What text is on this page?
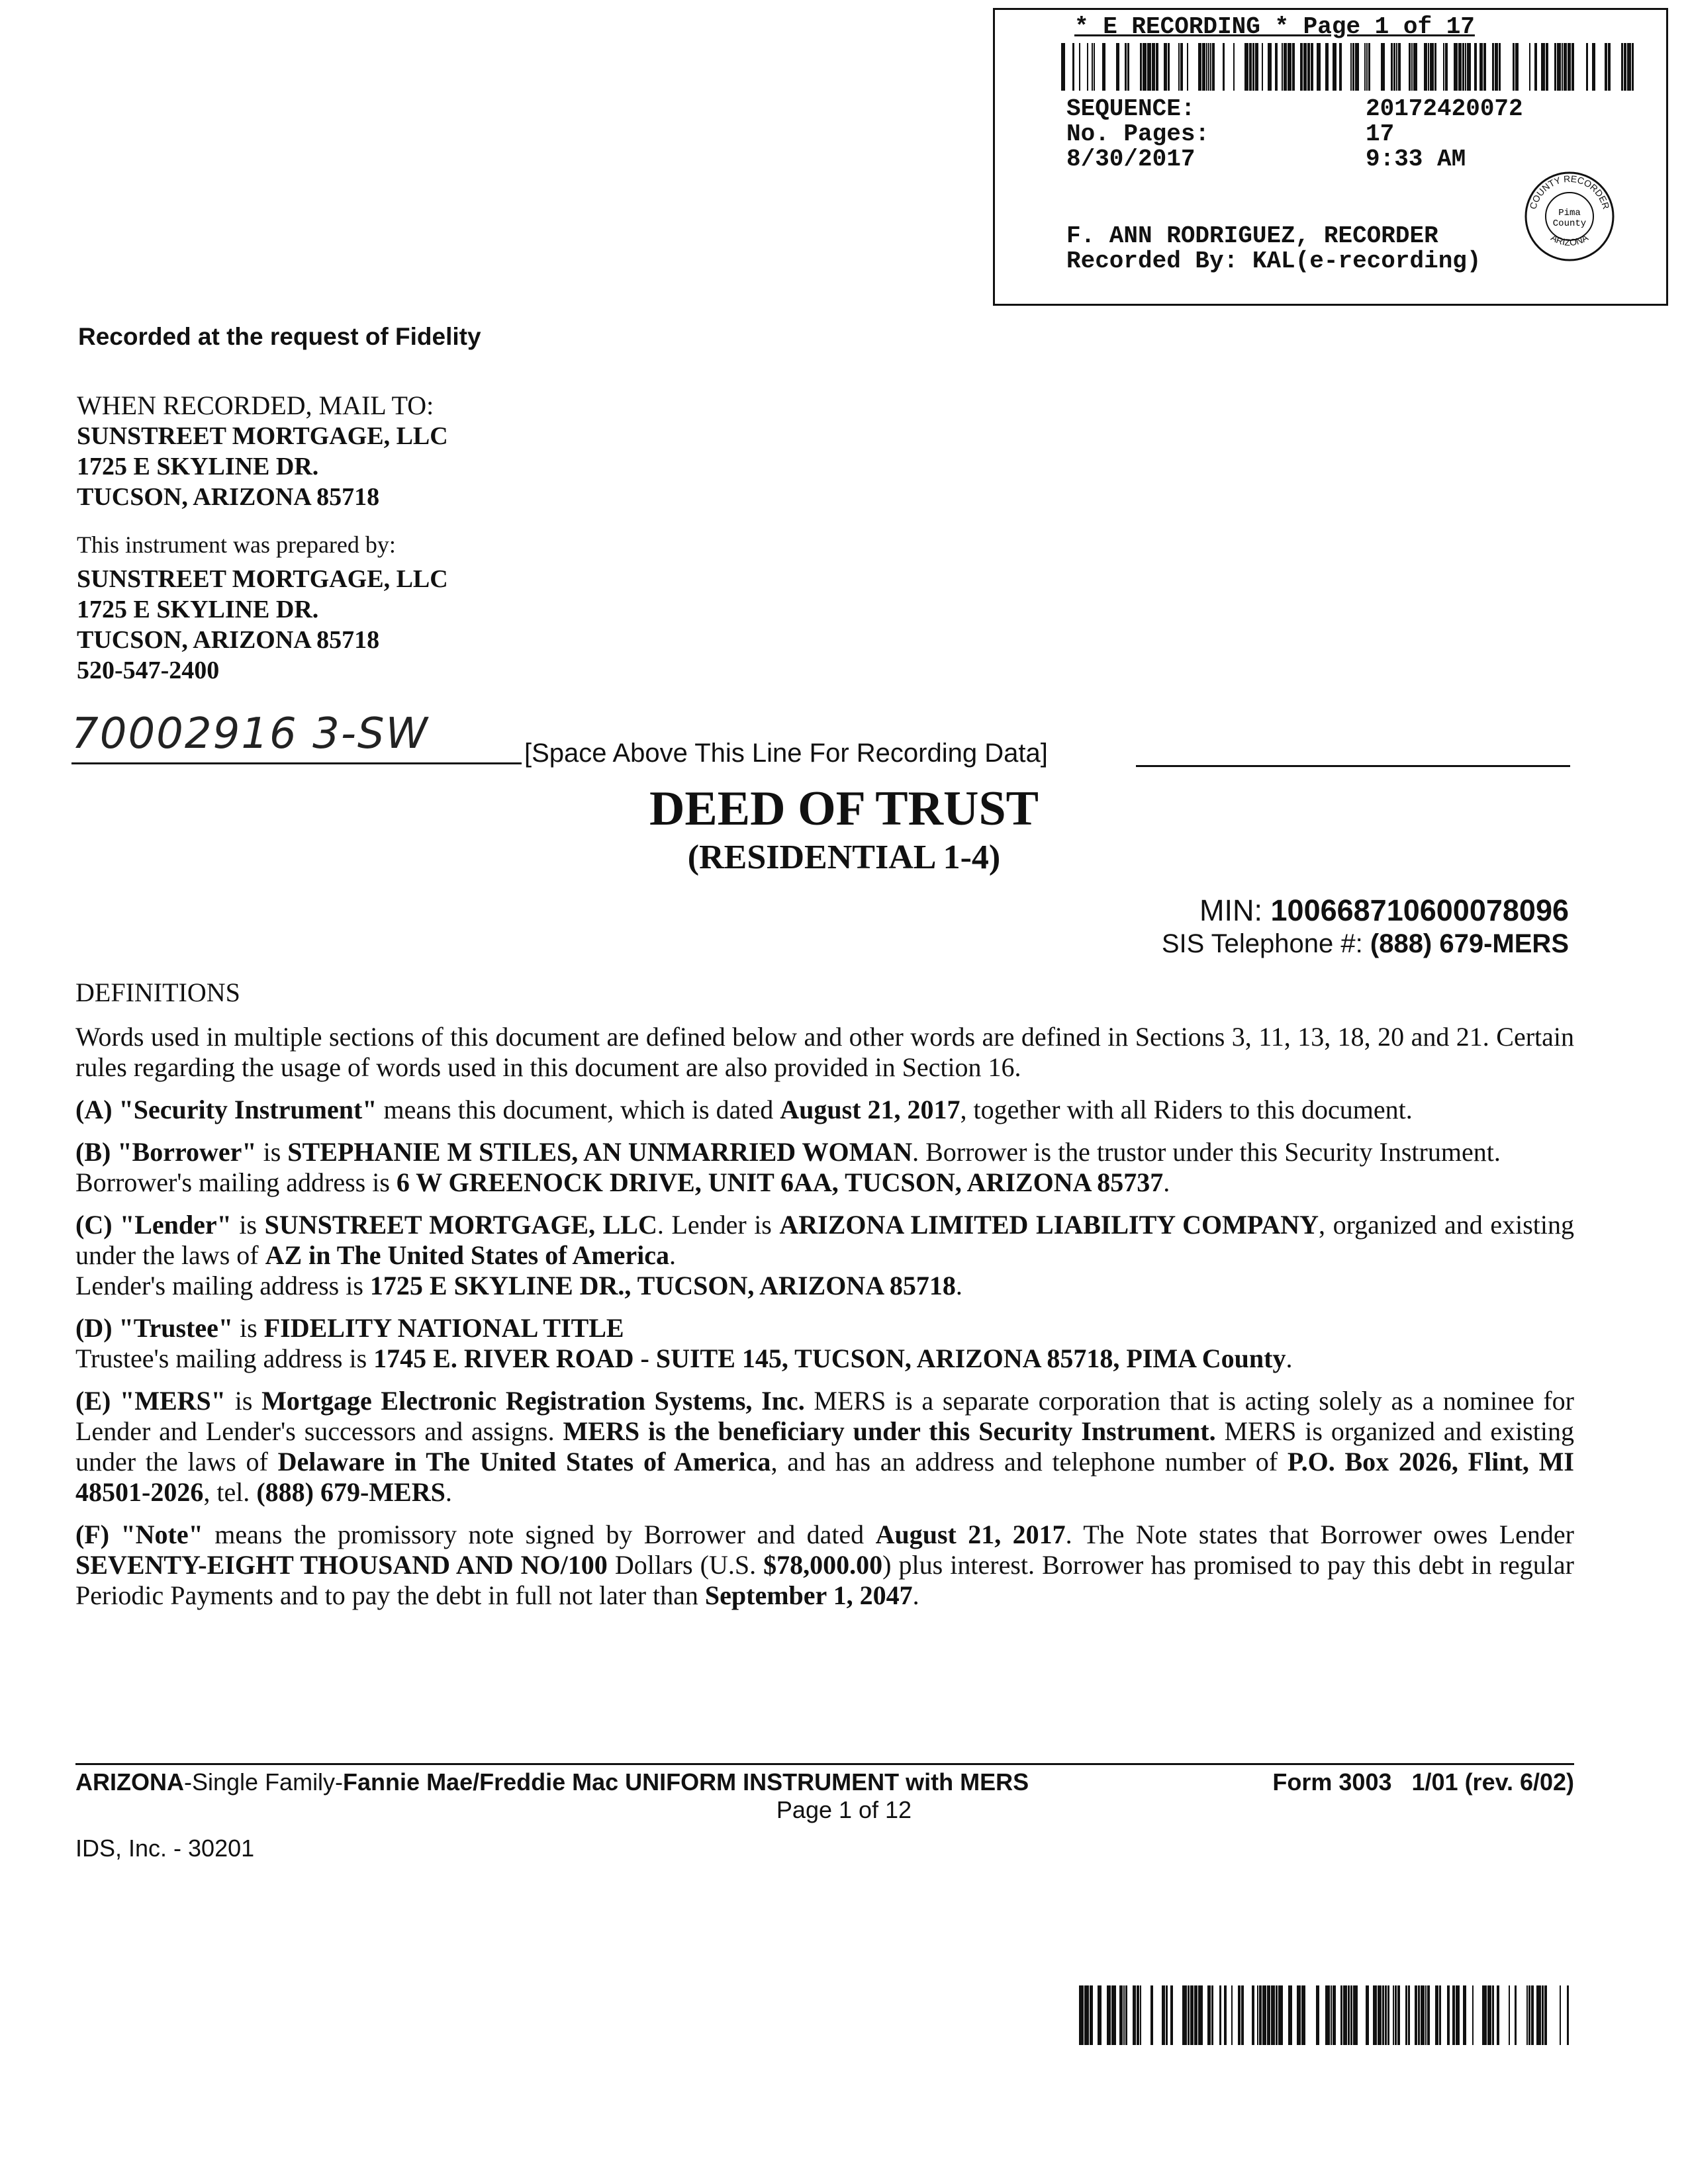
* E RECORDING * Page 1 of 17
SEQUENCE:	20172420072
No. Pages:	17
8/30/2017	9:33 AM
F. ANN RODRIGUEZ, RECORDER
Recorded By: KAL(e-recording)
COUNTY RECORDER
ARIZONA
Pima
County
Recorded at the request of Fidelity
WHEN RECORDED, MAIL TO:
SUNSTREET MORTGAGE, LLC
1725 E SKYLINE DR.
TUCSON, ARIZONA 85718
This instrument was prepared by:
SUNSTREET MORTGAGE, LLC
1725 E SKYLINE DR.
TUCSON, ARIZONA 85718
520-547-2400
70002916 3-SW	[Space Above This Line For Recording Data]
DEED OF TRUST
(RESIDENTIAL 1-4)
MIN: 100668710600078096
SIS Telephone #: (888) 679-MERS
DEFINITIONS

Words used in multiple sections of this document are defined below and other words are defined in Sections 3, 11, 13, 18, 20 and 21. Certain rules regarding the usage of words used in this document are also provided in Section 16.

(A) "Security Instrument" means this document, which is dated August 21, 2017, together with all Riders to this document.

(B) "Borrower" is STEPHANIE M STILES, AN UNMARRIED WOMAN. Borrower is the trustor under this Security Instrument.
Borrower's mailing address is 6 W GREENOCK DRIVE, UNIT 6AA, TUCSON, ARIZONA 85737.

(C) "Lender" is SUNSTREET MORTGAGE, LLC. Lender is ARIZONA LIMITED LIABILITY COMPANY, organized and existing under the laws of AZ in The United States of America.
Lender's mailing address is 1725 E SKYLINE DR., TUCSON, ARIZONA 85718.

(D) "Trustee" is FIDELITY NATIONAL TITLE
Trustee's mailing address is 1745 E. RIVER ROAD - SUITE 145, TUCSON, ARIZONA 85718, PIMA County.

(E) "MERS" is Mortgage Electronic Registration Systems, Inc. MERS is a separate corporation that is acting solely as a nominee for Lender and Lender's successors and assigns. MERS is the beneficiary under this Security Instrument. MERS is organized and existing under the laws of Delaware in The United States of America, and has an address and telephone number of P.O. Box 2026, Flint, MI 48501-2026, tel. (888) 679-MERS.

(F) "Note" means the promissory note signed by Borrower and dated August 21, 2017. The Note states that Borrower owes Lender SEVENTY-EIGHT THOUSAND AND NO/100 Dollars (U.S. $78,000.00) plus interest. Borrower has promised to pay this debt in regular Periodic Payments and to pay the debt in full not later than September 1, 2047.

ARIZONA-Single Family-Fannie Mae/Freddie Mac UNIFORM INSTRUMENT with MERS	Form 3003   1/01 (rev. 6/02)
Page 1 of 12
IDS, Inc. - 30201
